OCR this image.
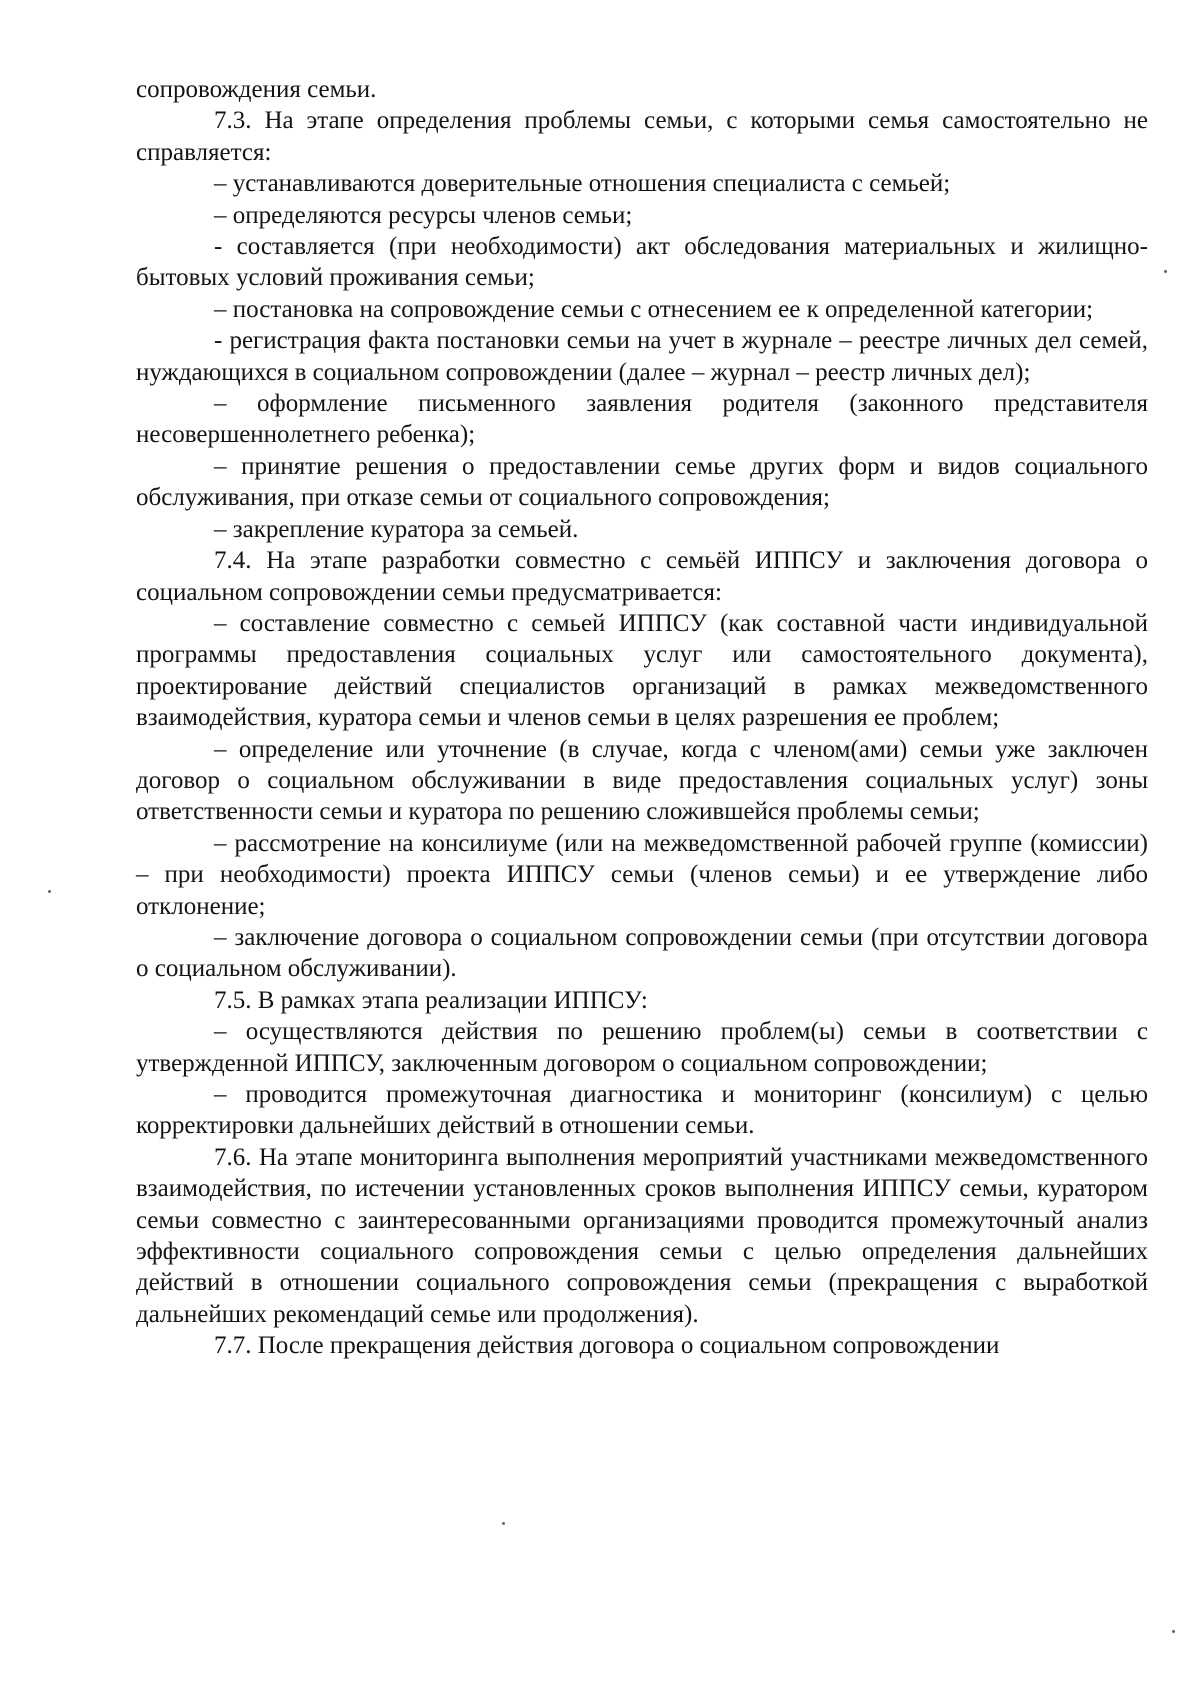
сопровождения семьи.

7.3. На этапе определения проблемы семьи, с которыми семья самостоятельно не справляется:

– устанавливаются доверительные отношения специалиста с семьей;

– определяются ресурсы членов семьи;

- составляется (при необходимости) акт обследования материальных и жилищно-бытовых условий проживания семьи;

– постановка на сопровождение семьи с отнесением ее к определенной категории;

- регистрация факта постановки семьи на учет в журнале – реестре личных дел семей, нуждающихся в социальном сопровождении (далее – журнал – реестр личных дел);

– оформление письменного заявления родителя (законного представителя несовершеннолетнего ребенка);

– принятие решения о предоставлении семье других форм и видов социального обслуживания, при отказе семьи от социального сопровождения;

– закрепление куратора за семьей.

7.4. На этапе разработки совместно с семьёй ИППСУ и заключения договора о социальном сопровождении семьи предусматривается:

– составление совместно с семьей ИППСУ (как составной части индивидуальной программы предоставления социальных услуг или самостоятельного документа), проектирование действий специалистов организаций в рамках межведомственного взаимодействия, куратора семьи и членов семьи в целях разрешения ее проблем;

– определение или уточнение (в случае, когда с членом(ами) семьи уже заключен договор о социальном обслуживании в виде предоставления социальных услуг) зоны ответственности семьи и куратора по решению сложившейся проблемы семьи;

– рассмотрение на консилиуме (или на межведомственной рабочей группе (комиссии) – при необходимости) проекта ИППСУ семьи (членов семьи) и ее утверждение либо отклонение;

– заключение договора о социальном сопровождении семьи (при отсутствии договора о социальном обслуживании).

7.5. В рамках этапа реализации ИППСУ:

– осуществляются действия по решению проблем(ы) семьи в соответствии с утвержденной ИППСУ, заключенным договором о социальном сопровождении;

– проводится промежуточная диагностика и мониторинг (консилиум) с целью корректировки дальнейших действий в отношении семьи.

7.6. На этапе мониторинга выполнения мероприятий участниками межведомственного взаимодействия, по истечении установленных сроков выполнения ИППСУ семьи, куратором семьи совместно с заинтересованными организациями проводится промежуточный анализ эффективности социального сопровождения семьи с целью определения дальнейших действий в отношении социального сопровождения семьи (прекращения с выработкой дальнейших рекомендаций семье или продолжения).

7.7. После прекращения действия договора о социальном сопровождении
